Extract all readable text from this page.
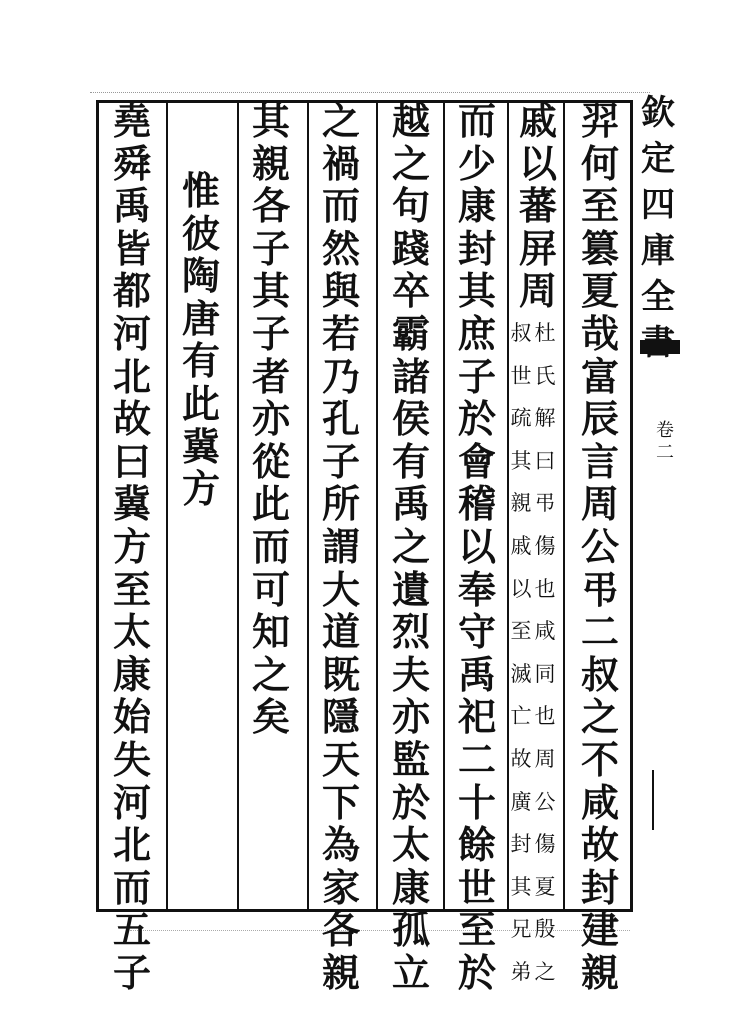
羿
何
至
篡
夏
哉
富
辰
言
周
公
弔
二
叔
之
不
咸
故
封
建
親
戚
以
蕃
屏
周
杜
氏
解
曰
弔
傷
也
咸
同
也
周
公
傷
夏
殷
之
叔
世
疏
其
親
戚
以
至
滅
亡
故
廣
封
其
兄
弟
而
少
康
封
其
庶
子
於
會
稽
以
奉
守
禹
祀
二
十
餘
世
至
於
越
之
句
踐
卒
霸
諸
侯
有
禹
之
遺
烈
夫
亦
監
於
太
康
孤
立
之
禍
而
然
與
若
乃
孔
子
所
謂
大
道
既
隱
天
下
為
家
各
親
其
親
各
子
其
子
者
亦
從
此
而
可
知
之
矣
惟
彼
陶
唐
有
此
冀
方
堯
舜
禹
皆
都
河
北
故
曰
冀
方
至
太
康
始
失
河
北
而
五
子
欽
定
四
庫
全
卷
二
